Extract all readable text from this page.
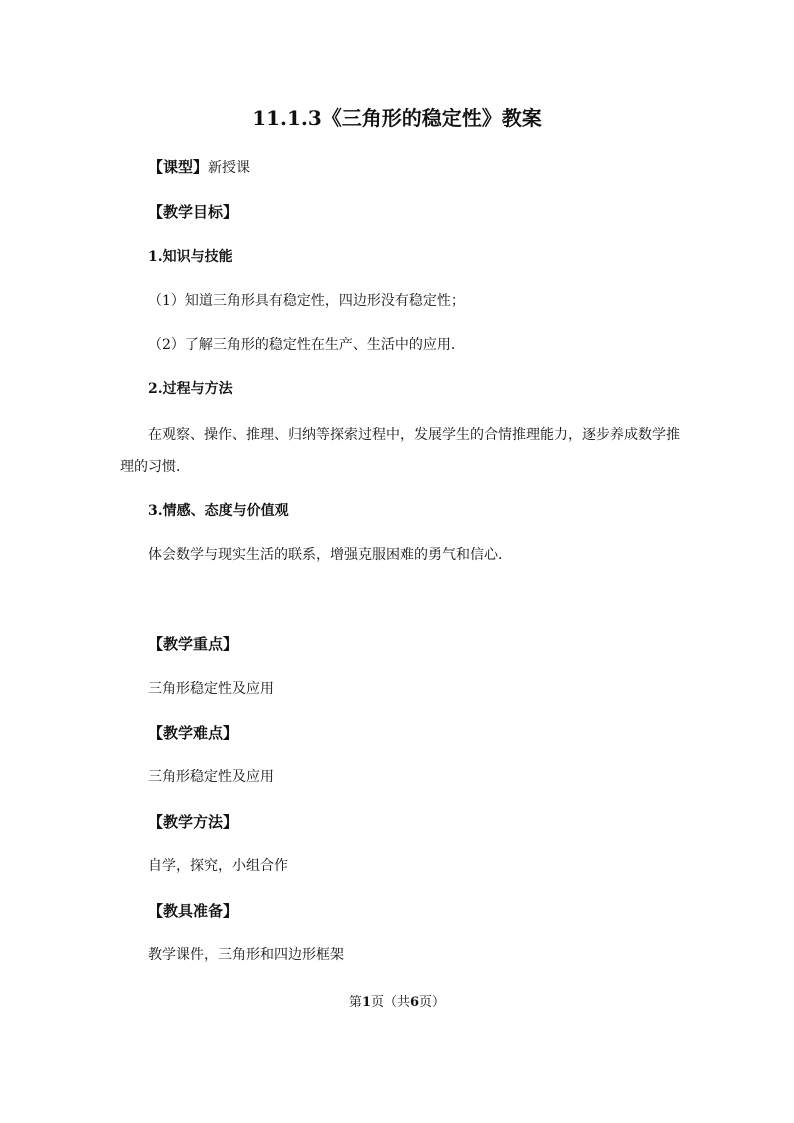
11.1.3《三角形的稳定性》教案
【课型】新授课
【教学目标】
1.知识与技能
（1）知道三角形具有稳定性，四边形没有稳定性；
（2）了解三角形的稳定性在生产、生活中的应用．
2.过程与方法
在观察、操作、推理、归纳等探索过程中，发展学生的合情推理能力，逐步养成数学推
理的习惯．
3.情感、态度与价值观
体会数学与现实生活的联系，增强克服困难的勇气和信心．
【教学重点】
三角形稳定性及应用
【教学难点】
三角形稳定性及应用
【教学方法】
自学，探究，小组合作
【教具准备】
教学课件，三角形和四边形框架
第1页（共6页）
